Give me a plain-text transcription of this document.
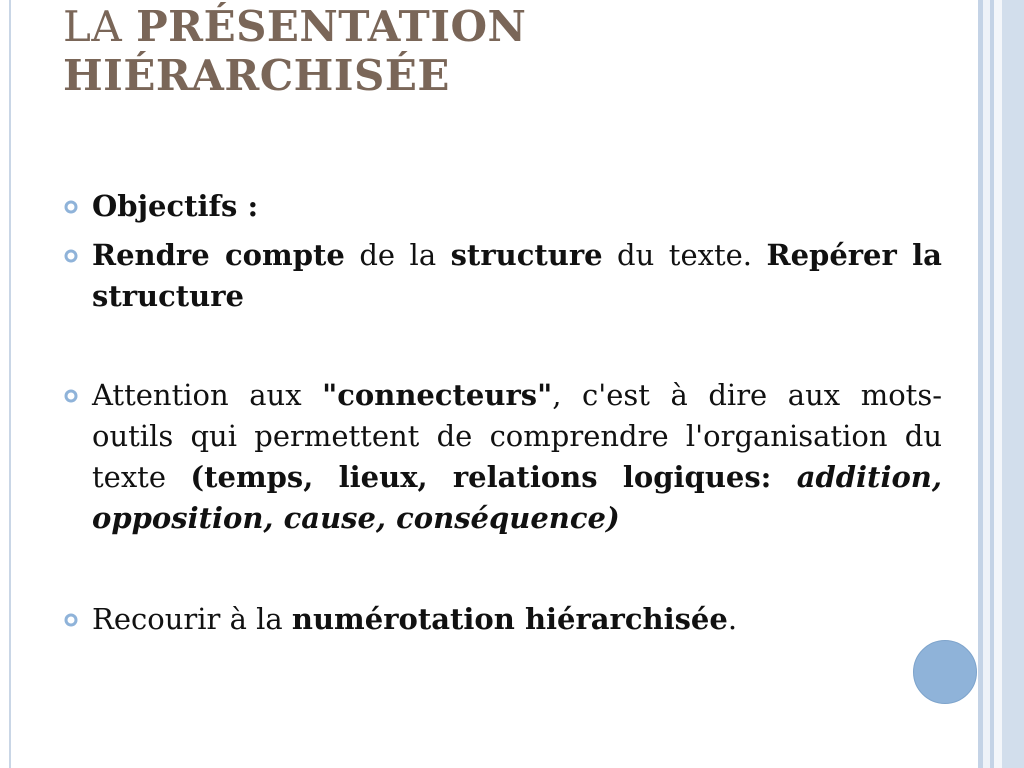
LA PRÉSENTATION
HIÉRARCHISÉE
Objectifs :
Rendre compte de la structure du texte. Repérer la structure
Attention aux "connecteurs", c'est à dire aux mots-outils qui permettent de comprendre l'organisation du texte (temps, lieux, relations logiques: addition, opposition, cause, conséquence)
Recourir à la numérotation hiérarchisée.
